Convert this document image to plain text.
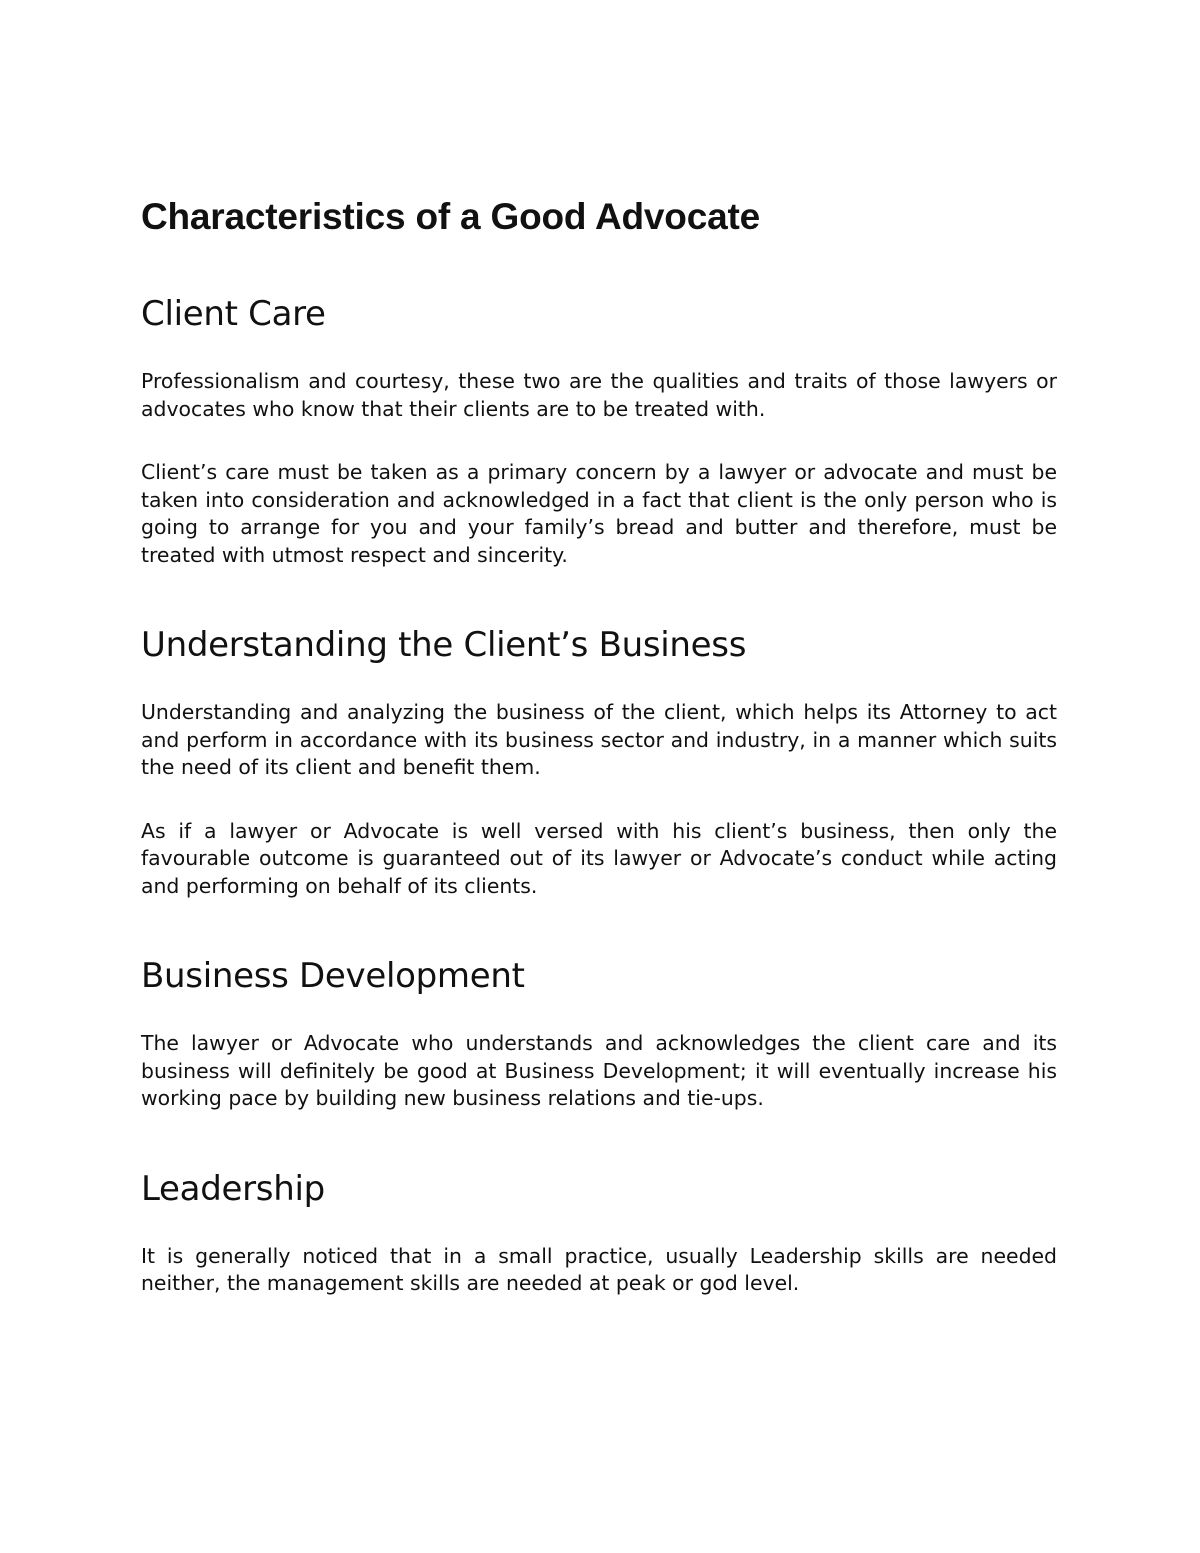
Characteristics of a Good Advocate
Client Care

Professionalism and courtesy, these two are the qualities and traits of those lawyers or advocates who know that their clients are to be treated with.

Client’s care must be taken as a primary concern by a lawyer or advocate and must be taken into consideration and acknowledged in a fact that client is the only person who is going to arrange for you and your family’s bread and butter and therefore, must be treated with utmost respect and sincerity.

Understanding the Client’s Business

Understanding and analyzing the business of the client, which helps its Attorney to act and perform in accordance with its business sector and industry, in a manner which suits the need of its client and benefit them.

As if a lawyer or Advocate is well versed with his client’s business, then only the favourable outcome is guaranteed out of its lawyer or Advocate’s conduct while acting and performing on behalf of its clients.

Business Development

The lawyer or Advocate who understands and acknowledges the client care and its business will definitely be good at Business Development; it will eventually increase his working pace by building new business relations and tie-ups.

Leadership

It is generally noticed that in a small practice, usually Leadership skills are needed neither, the management skills are needed at peak or god level.
